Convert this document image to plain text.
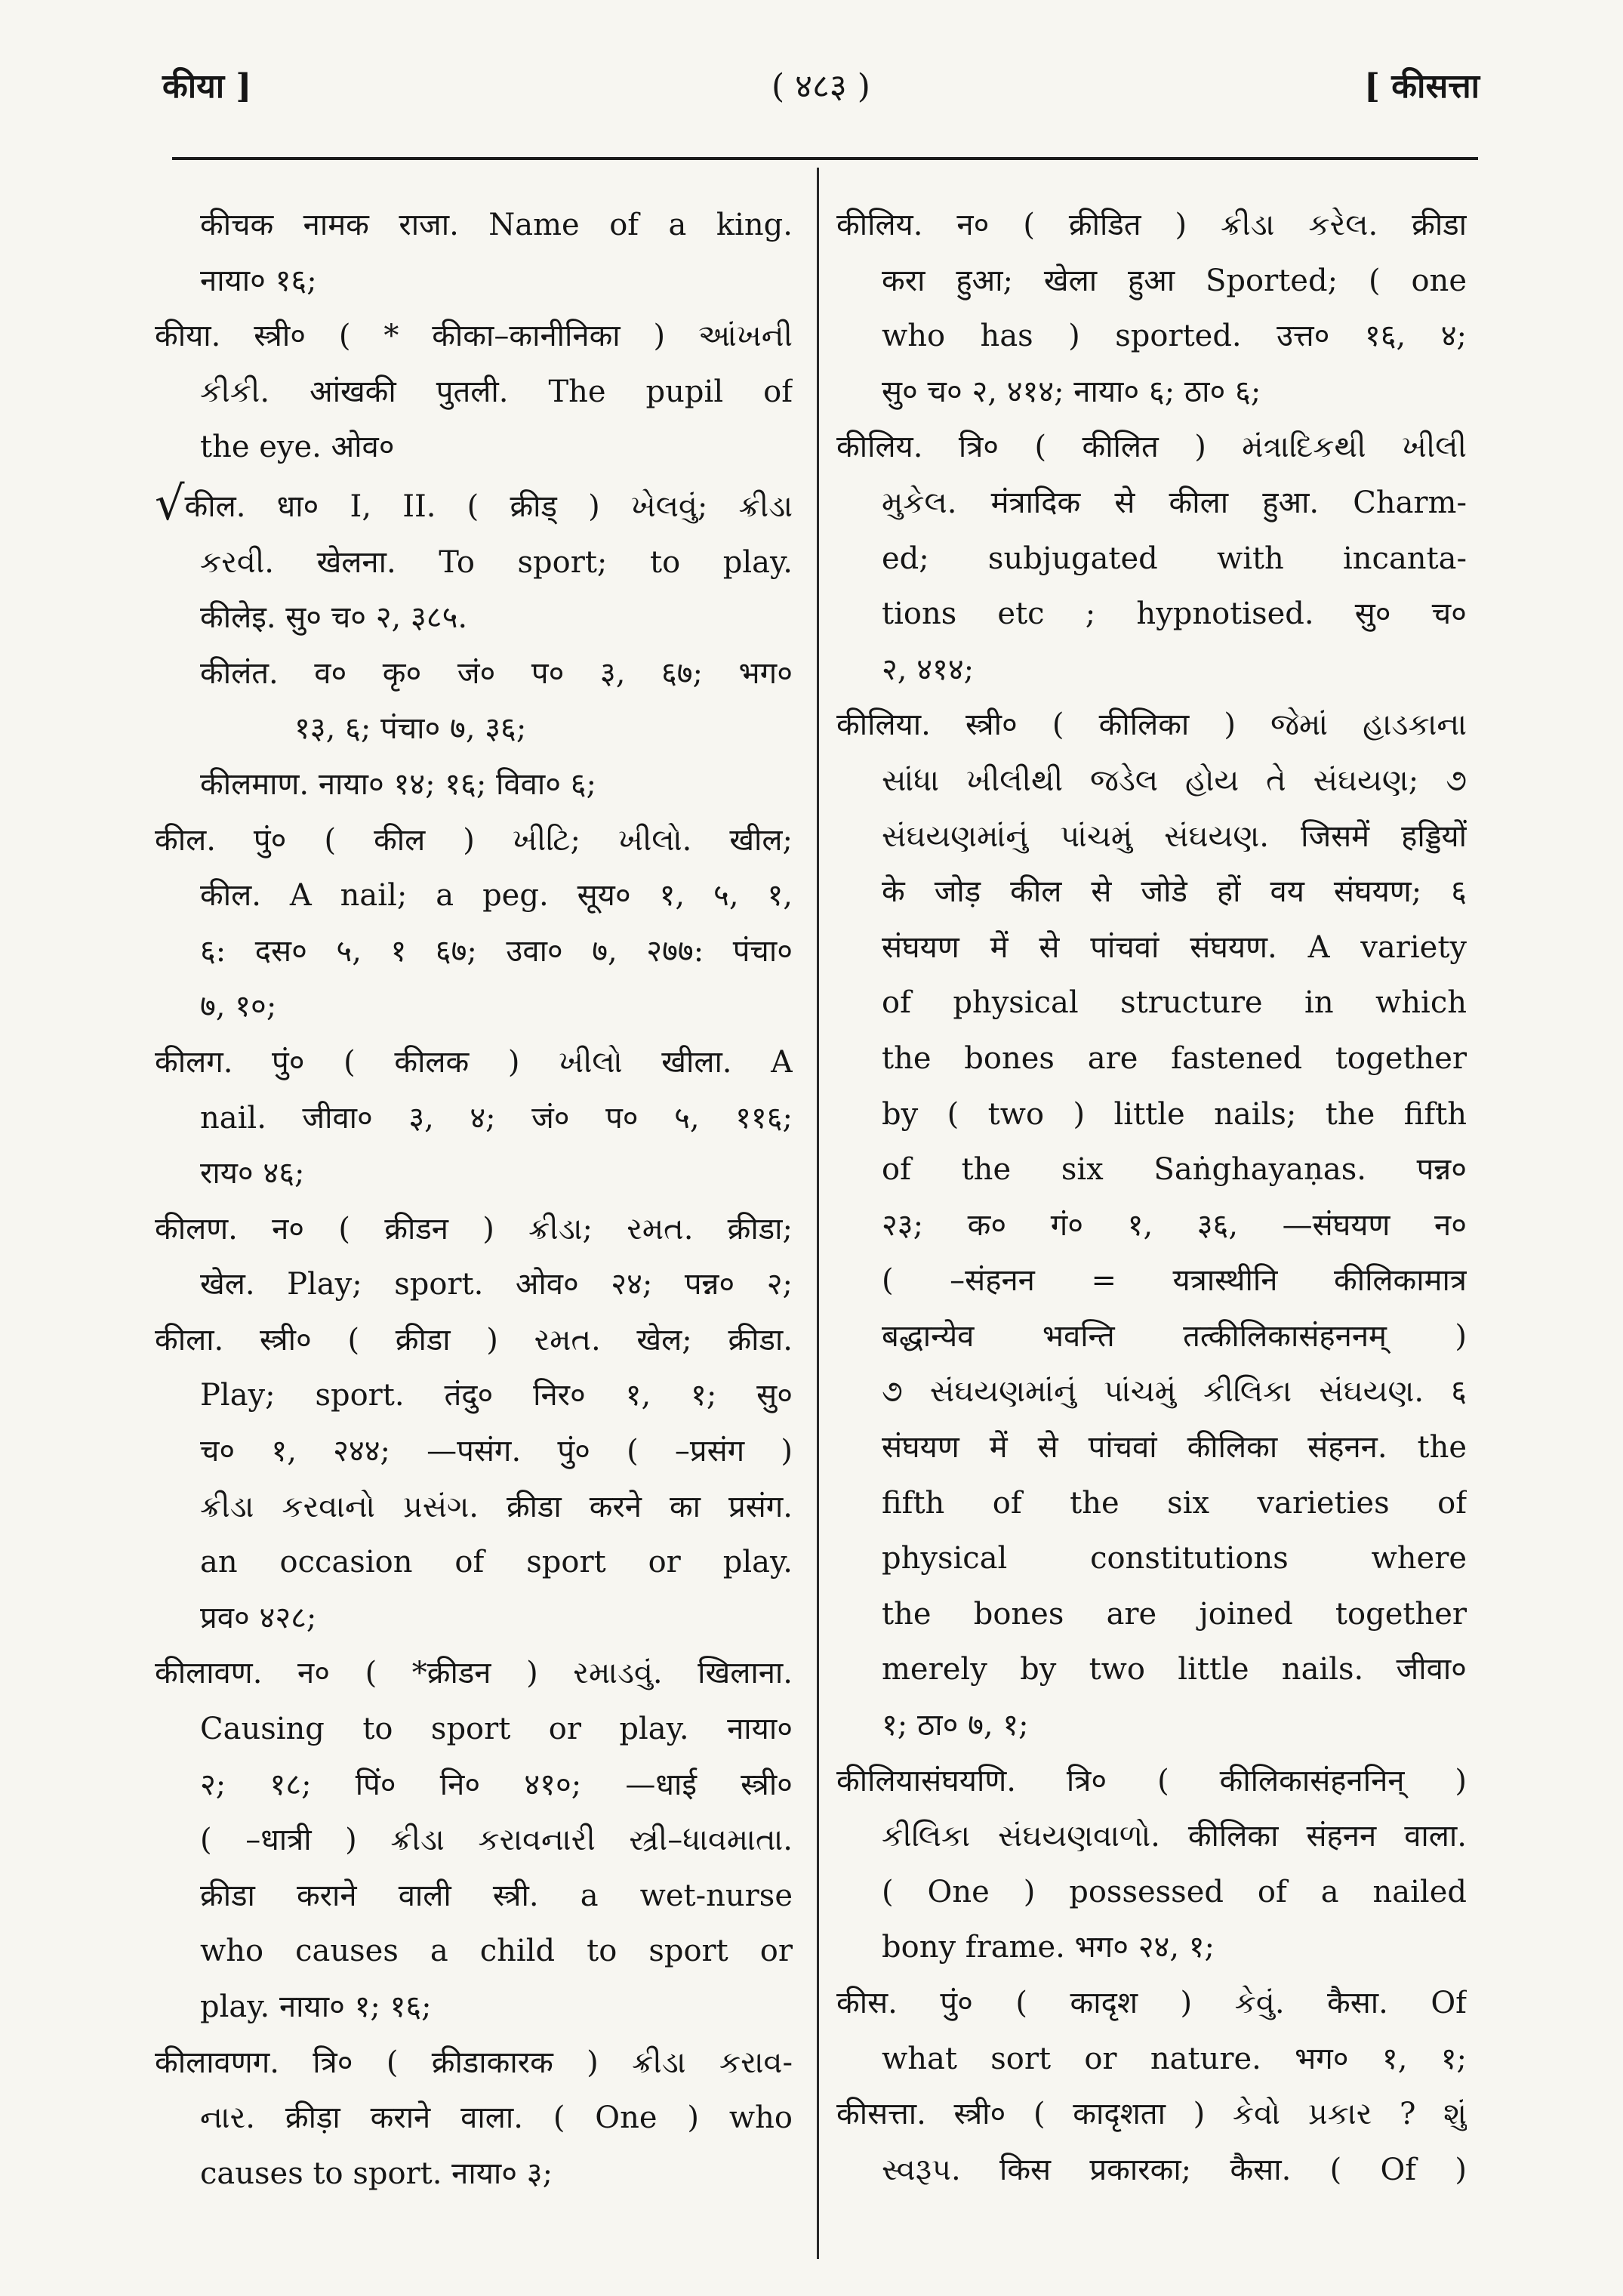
कीया ]	( ४८३ )	[ कीसत्ता
कीचक नामक राजा. Name of a king.
नाया० १६;
कीया. स्त्री० ( * कीका–कानीनिका ) આંખની
કીકી. आंखकी पुतली. The pupil of
the eye. ओव०
√कील. धा० I, II. ( क्रीड् ) ખેલવું; ક્રીડા
કરવી. खेलना. To sport; to play.
कीलेइ. सु० च० २, ३८५.
कीलंत. व० कृ० जं० प० ३, ६७; भग०
१३, ६; पंचा० ७, ३६;
कीलमाण. नाया० १४; १६; विवा० ६;
कील. पुं० ( कील ) ખીટિ; ખીલો. खील;
कील. A nail; a peg. सूय० १, ५, १,
६: दस० ५, १ ६७; उवा० ७, २७७: पंचा०
७, १०;
कीलग. पुं० ( कीलक ) ખીલો खीला. A
nail. जीवा० ३, ४; जं० प० ५, ११६;
राय० ४६;
कीलण. न० ( क्रीडन ) ક્રીડા; રમત. क्रीडा;
खेल. Play; sport. ओव० २४; पन्न० २;
कीला. स्त्री० ( क्रीडा ) રમત. खेल; क्रीडा.
Play; sport. तंदु० निर० १, १; सु०
च० १, २४४; —पसंग. पुं० ( –प्रसंग )
ક્રીડા કરવાનો પ્રસંગ. क्रीडा करने का प्रसंग.
an occasion of sport or play.
प्रव० ४२८;
कीलावण. न० ( *क्रीडन ) રમાડવું. खिलाना.
Causing to sport or play. नाया०
२; १८; पिं० नि० ४१०; —धाई स्त्री०
( –धात्री ) ક્રીડા કરાવનારી સ્ત્રી–ધાવમાતા.
क्रीडा कराने वाली स्त्री. a wet-nurse
who causes a child to sport or
play. नाया० १; १६;
कीलावणग. त्रि० ( क्रीडाकारक ) ક્રીડા કરાવ-
નાર. क्रीड़ा कराने वाला. ( One ) who
causes to sport. नाया० ३;
कीलिय. न० ( क्रीडित ) ક્રીડા કરેલ. क्रीडा
करा हुआ; खेला हुआ Sported; ( one
who has ) sported. उत्त० १६, ४;
सु० च० २, ४१४; नाया० ६; ठा० ६;
कीलिय. त्रि० ( कीलित ) મંત્રાદિકથી ખીલી
મુકેલ. मंत्रादिक से कीला हुआ. Charm-
ed; subjugated with incanta-
tions etc ; hypnotised. सु० च०
२, ४१४;
कीलिया. स्त्री० ( कीलिका ) જેમાં હાડકાના
સાંધા ખીલીથી જડેલ હોય તે સંઘયણ; ૭
સંઘયણમાંનું પાંચમું સંઘયણ. जिसमें हड्डियों
के जोड़ कील से जोडे हों वय संघयण; ६
संघयण में से पांचवां संघयण. A variety
of physical structure in which
the bones are fastened together
by ( two ) little nails; the fifth
of the six Saṅghayaṇas. पन्न०
२३; क० गं० १, ३६, —संघयण न०
( –संहनन = यत्रास्थीनि कीलिकामात्र
बद्धान्येव भवन्ति तत्कीलिकासंहननम् )
૭ સંઘયણમાંનું પાંચમું કીલિકા સંઘયણ. ६
संघयण में से पांचवां कीलिका संहनन. the
fifth of the six varieties of
physical constitutions where
the bones are joined together
merely by two little nails. जीवा०
१; ठा० ७, १;
कीलियासंघयणि. त्रि० ( कीलिकासंहननिन् )
કીલિકા સંઘયણવાળો. कीलिका संहनन वाला.
( One ) possessed of a nailed
bony frame. भग० २४, १;
कीस. पुं० ( कादृश ) કેવું. कैसा. Of
what sort or nature. भग० १, १;
कीसत्ता. स्त्री० ( कादृशता ) કેવો પ્રકાર ? શું
સ્વરૂપ. किस प्रकारका; कैसा. ( Of )
